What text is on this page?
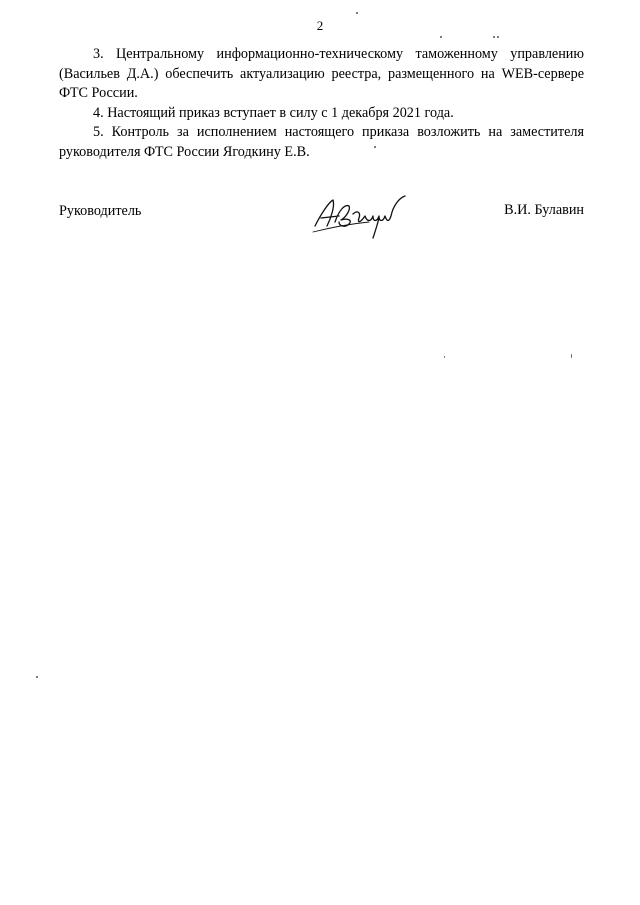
2

3. Центральному информационно-техническому таможенному управлению (Васильев Д.А.) обеспечить актуализацию реестра, размещенного на WEB-сервере ФТС России.

4. Настоящий приказ вступает в силу с 1 декабря 2021 года.

5. Контроль за исполнением настоящего приказа возложить на заместителя руководителя ФТС России Ягодкину Е.В.

Руководитель	В.И. Булавин
